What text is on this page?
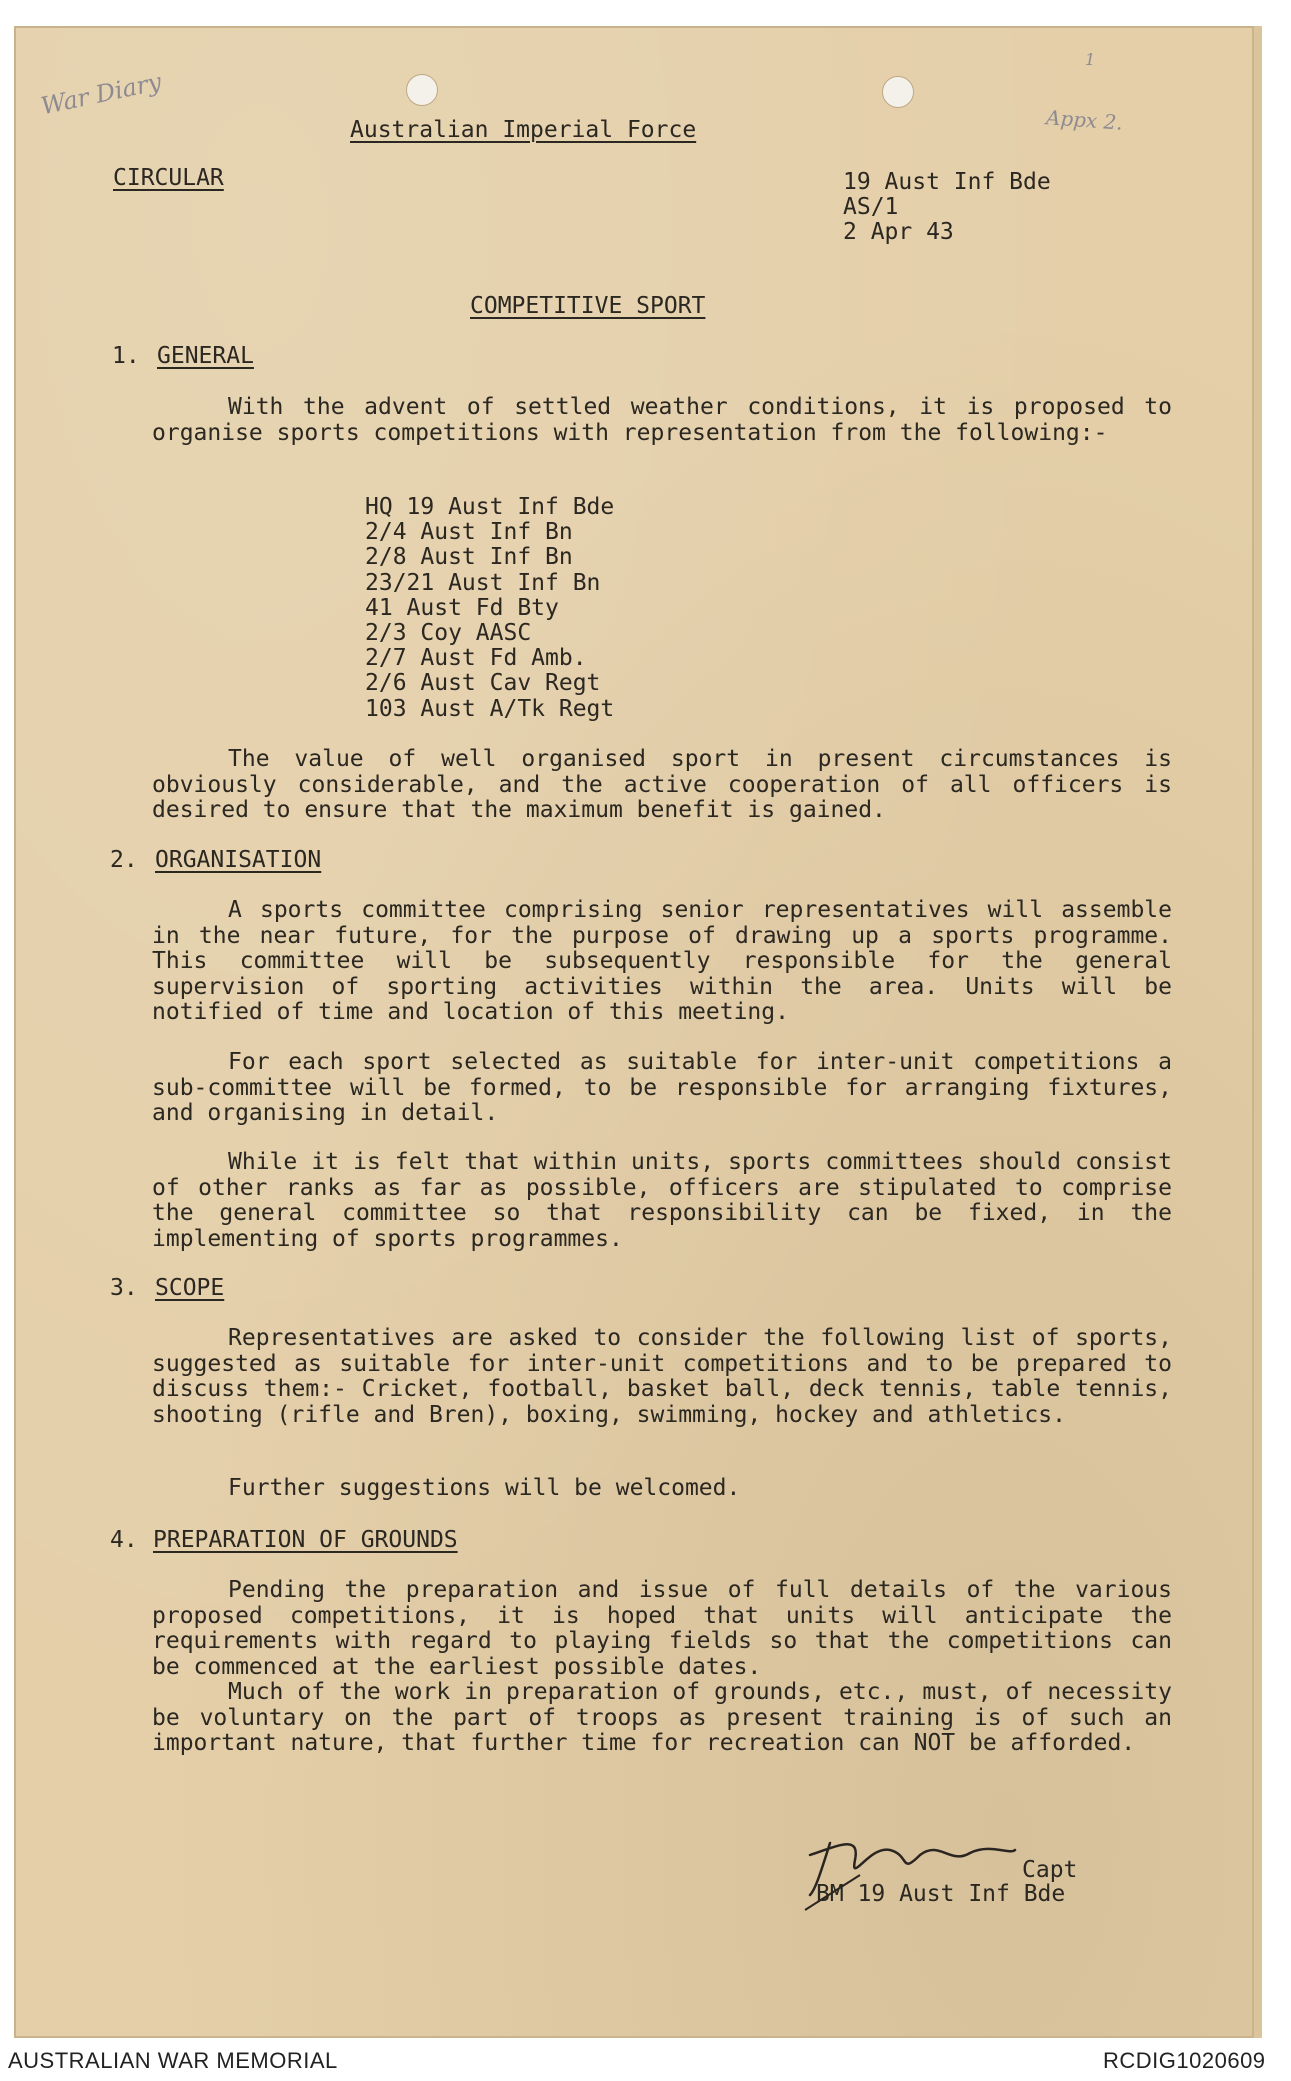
War Diary	Appx 2.
1
Australian Imperial Force
CIRCULAR	19 Aust Inf Bde
AS/1
2 Apr 43
COMPETITIVE SPORT
1. GENERAL
With the advent of settled weather conditions, it is proposed to organise sports competitions with representation from the following:-
HQ 19 Aust Inf Bde
2/4 Aust Inf Bn
2/8 Aust Inf Bn
23/21 Aust Inf Bn
41 Aust Fd Bty
2/3 Coy AASC
2/7 Aust Fd Amb.
2/6 Aust Cav Regt
103 Aust A/Tk Regt
The value of well organised sport in present circumstances is obviously considerable, and the active cooperation of all officers is desired to ensure that the maximum benefit is gained.
2. ORGANISATION
A sports committee comprising senior representatives will assemble in the near future, for the purpose of drawing up a sports programme. This committee will be subsequently responsible for the general supervision of sporting activities within the area. Units will be notified of time and location of this meeting.
For each sport selected as suitable for inter-unit competitions a sub-committee will be formed, to be responsible for arranging fixtures, and organising in detail.
While it is felt that within units, sports committees should consist of other ranks as far as possible, officers are stipulated to comprise the general committee so that responsibility can be fixed, in the implementing of sports programmes.
3. SCOPE
Representatives are asked to consider the following list of sports, suggested as suitable for inter-unit competitions and to be prepared to discuss them:- Cricket, football, basket ball, deck tennis, table tennis, shooting (rifle and Bren), boxing, swimming, hockey and athletics.
Further suggestions will be welcomed.
4. PREPARATION OF GROUNDS
Pending the preparation and issue of full details of the various proposed competitions, it is hoped that units will anticipate the requirements with regard to playing fields so that the competitions can be commenced at the earliest possible dates.
Much of the work in preparation of grounds, etc., must, of necessity be voluntary on the part of troops as present training is of such an important nature, that further time for recreation can NOT be afforded.
Capt
BM 19 Aust Inf Bde
AUSTRALIAN WAR MEMORIAL	RCDIG1020609
